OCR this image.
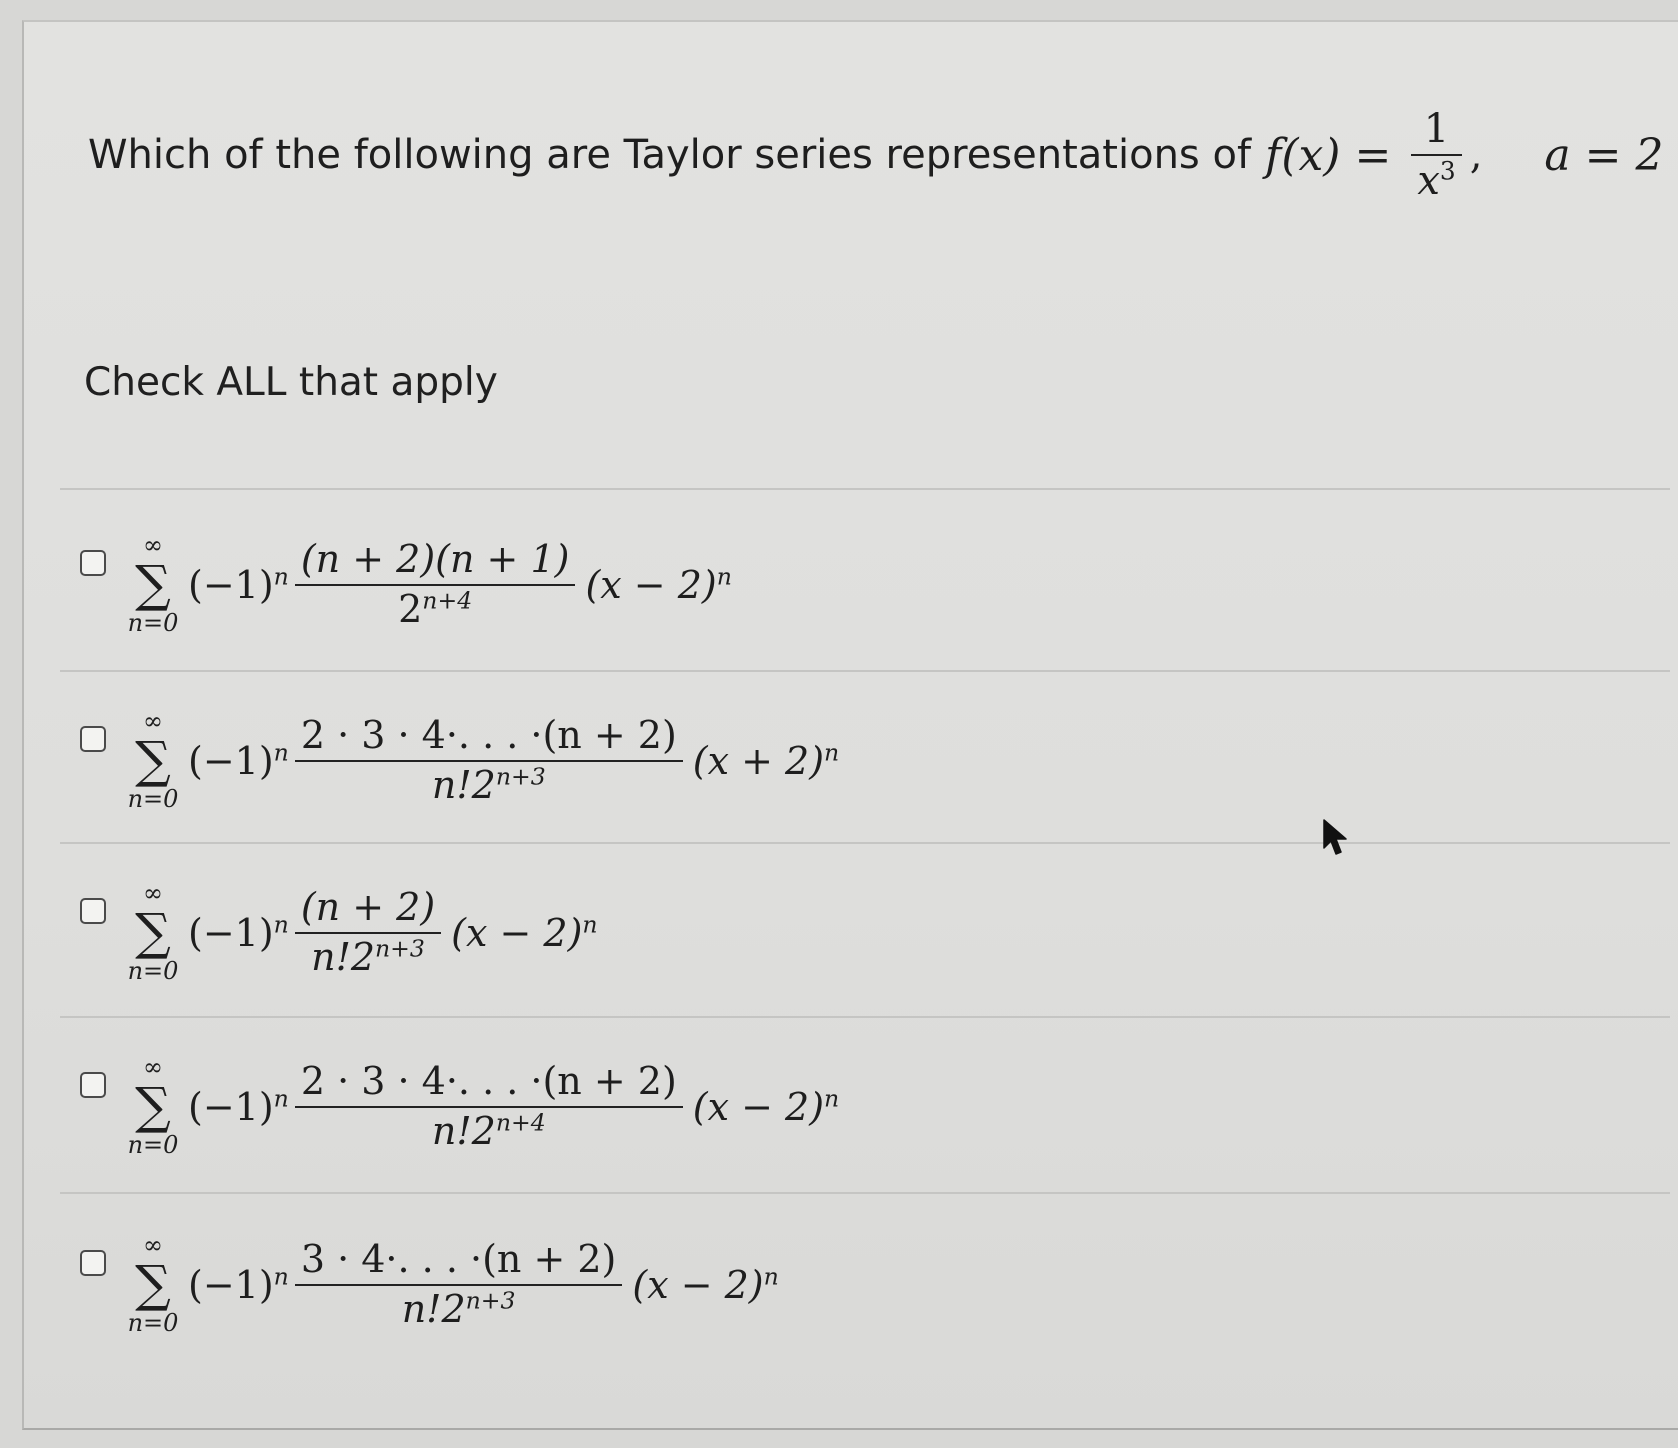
Which of the following are Taylor series representations of $f(x) = \frac{1}{x^3}$ , a = 2
Check ALL that apply
∞
∑
n=0
$(-1)^n \frac{(n + 2)(n + 1)}{2^{n+4}} (x - 2)^n$
∞
∑
n=0
$(-1)^n \frac{2 \cdot 3 \cdot 4\cdot. . . \cdot(n + 2)}{n!2^{n+3}} (x + 2)^n$
∞
∑
n=0
$(-1)^n \frac{(n + 2)}{n!2^{n+3}} (x - 2)^n$
∞
∑
n=0
$(-1)^n \frac{2 \cdot 3 \cdot 4\cdot. . . \cdot(n + 2)}{n!2^{n+4}} (x - 2)^n$
∞
∑
n=0
$(-1)^n \frac{3 \cdot 4\cdot. . . \cdot(n + 2)}{n!2^{n+3}} (x - 2)^n$
